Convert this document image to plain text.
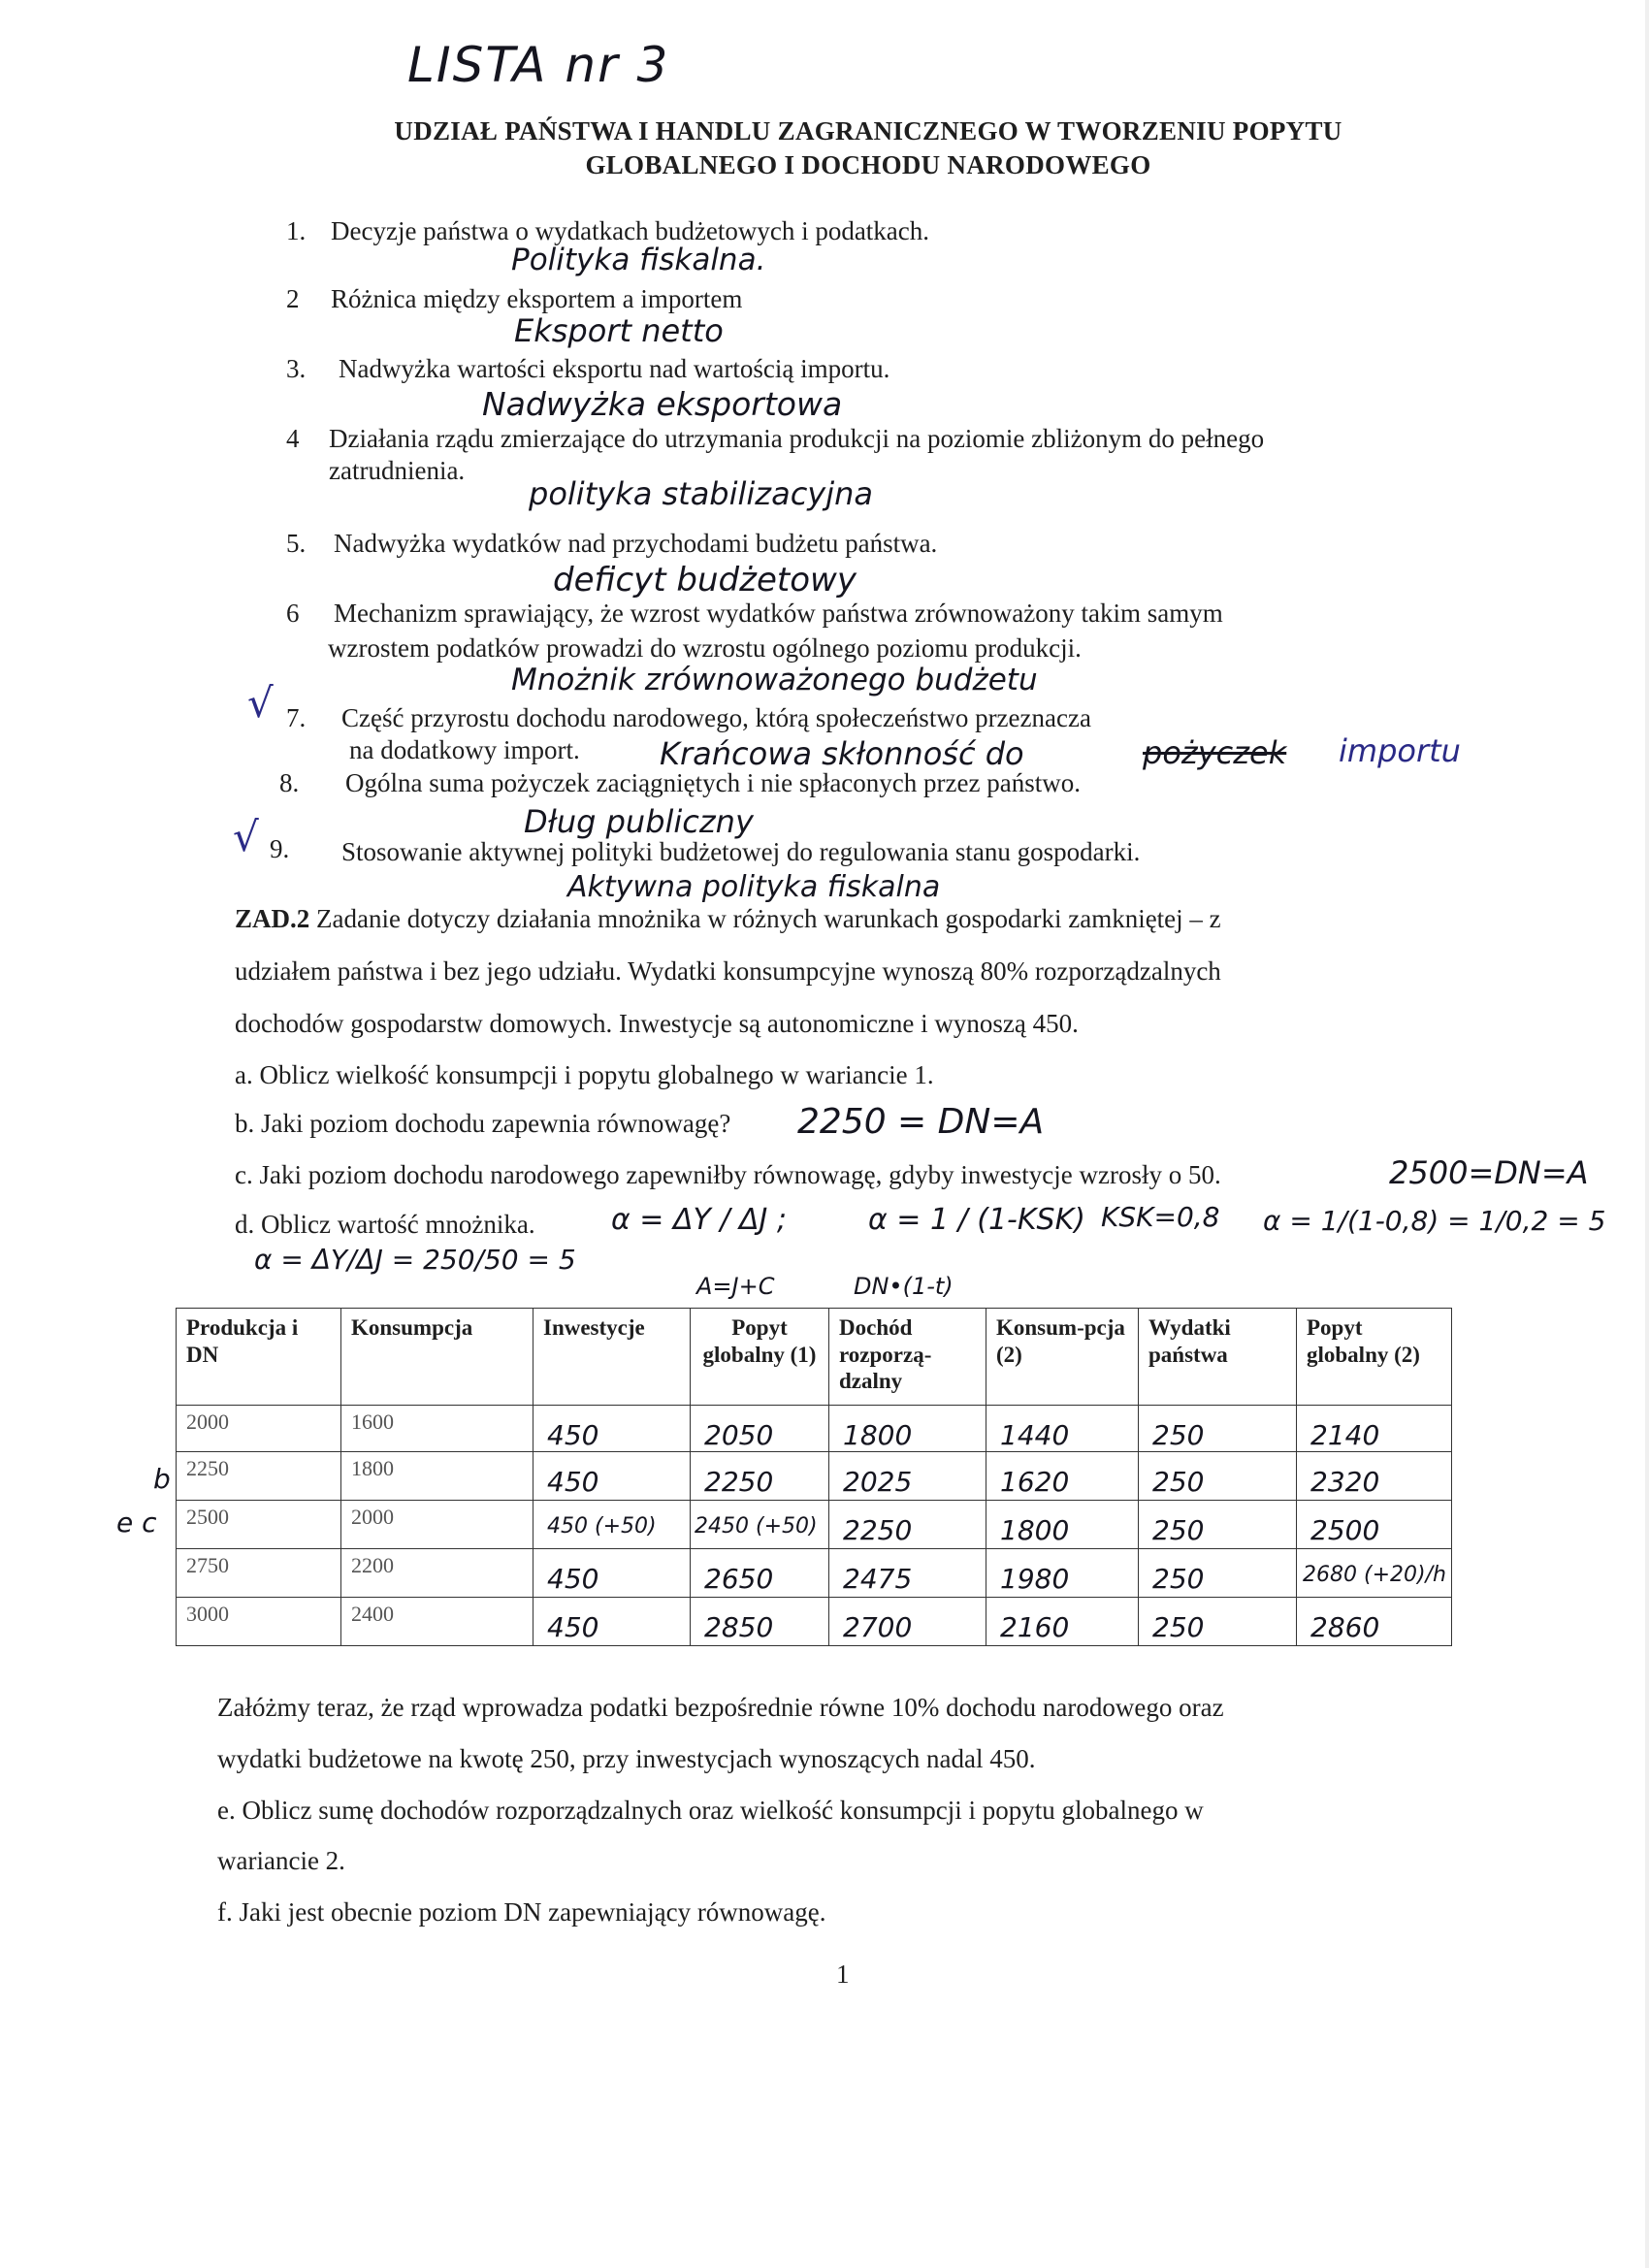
LISTA nr 3
UDZIAŁ PAŃSTWA I HANDLU ZAGRANICZNEGO W TWORZENIU POPYTU
GLOBALNEGO I DOCHODU NARODOWEGO
1. Decyzje państwa o wydatkach budżetowych i podatkach.
Polityka fiskalna.
2 Różnica między eksportem a importem
Eksport netto
3. Nadwyżka wartości eksportu nad wartością importu.
Nadwyżka eksportowa
4 Działania rządu zmierzające do utrzymania produkcji na poziomie zbliżonym do pełnego
zatrudnienia.
polityka stabilizacyjna
5. Nadwyżka wydatków nad przychodami budżetu państwa.
deficyt budżetowy
6 Mechanizm sprawiający, że wzrost wydatków państwa zrównoważony takim samym
wzrostem podatków prowadzi do wzrostu ogólnego poziomu produkcji.
Mnożnik zrównoważonego budżetu
√ 7. Część przyrostu dochodu narodowego, którą społeczeństwo przeznacza
na dodatkowy import.	Krańcowa skłonność do	pożyczek importu
8. Ogólna suma pożyczek zaciągniętych i nie spłaconych przez państwo.
Dług publiczny
√ 9. Stosowanie aktywnej polityki budżetowej do regulowania stanu gospodarki.
Aktywna polityka fiskalna
ZAD.2 Zadanie dotyczy działania mnożnika w różnych warunkach gospodarki zamkniętej – z
udziałem państwa i bez jego udziału. Wydatki konsumpcyjne wynoszą 80% rozporządzalnych
dochodów gospodarstw domowych. Inwestycje są autonomiczne i wynoszą 450.
a. Oblicz wielkość konsumpcji i popytu globalnego w wariancie 1.
b. Jaki poziom dochodu zapewnia równowagę? 2250 = DN=A
c. Jaki poziom dochodu narodowego zapewniłby równowagę, gdyby inwestycje wzrosły o 50.	2500=DN=A
d. Oblicz wartość mnożnika.	α = ΔY / ΔJ ;	α = 1 / (1-KSK) KSK=0,8 α = 1/(1-0,8) = 1/0,2 = 5
α = ΔY/ΔJ = 250/50 = 5
A=J+C	DN•(1-t)
b
e c
Produkcja i DN	Konsumpcja	Inwestycje	Popyt globalny (1)	Dochód rozporzą-dzalny	Konsum-pcja (2)	Wydatki państwa	Popyt globalny (2)

2000	1600	450	2050	1800	1440	250	2140

2250	1800	450	2250	2025	1620	250	2320

2500	2000	450 (+50)	2450 (+50)	2250	1800	250	2500

2750	2200	450	2650	2475	1980	250	2680 (+20)/h

3000	2400	450	2850	2700	2160	250	2860
Załóżmy teraz, że rząd wprowadza podatki bezpośrednie równe 10% dochodu narodowego oraz
wydatki budżetowe na kwotę 250, przy inwestycjach wynoszących nadal 450.
e. Oblicz sumę dochodów rozporządzalnych oraz wielkość konsumpcji i popytu globalnego w
wariancie 2.
f. Jaki jest obecnie poziom DN zapewniający równowagę.
1
